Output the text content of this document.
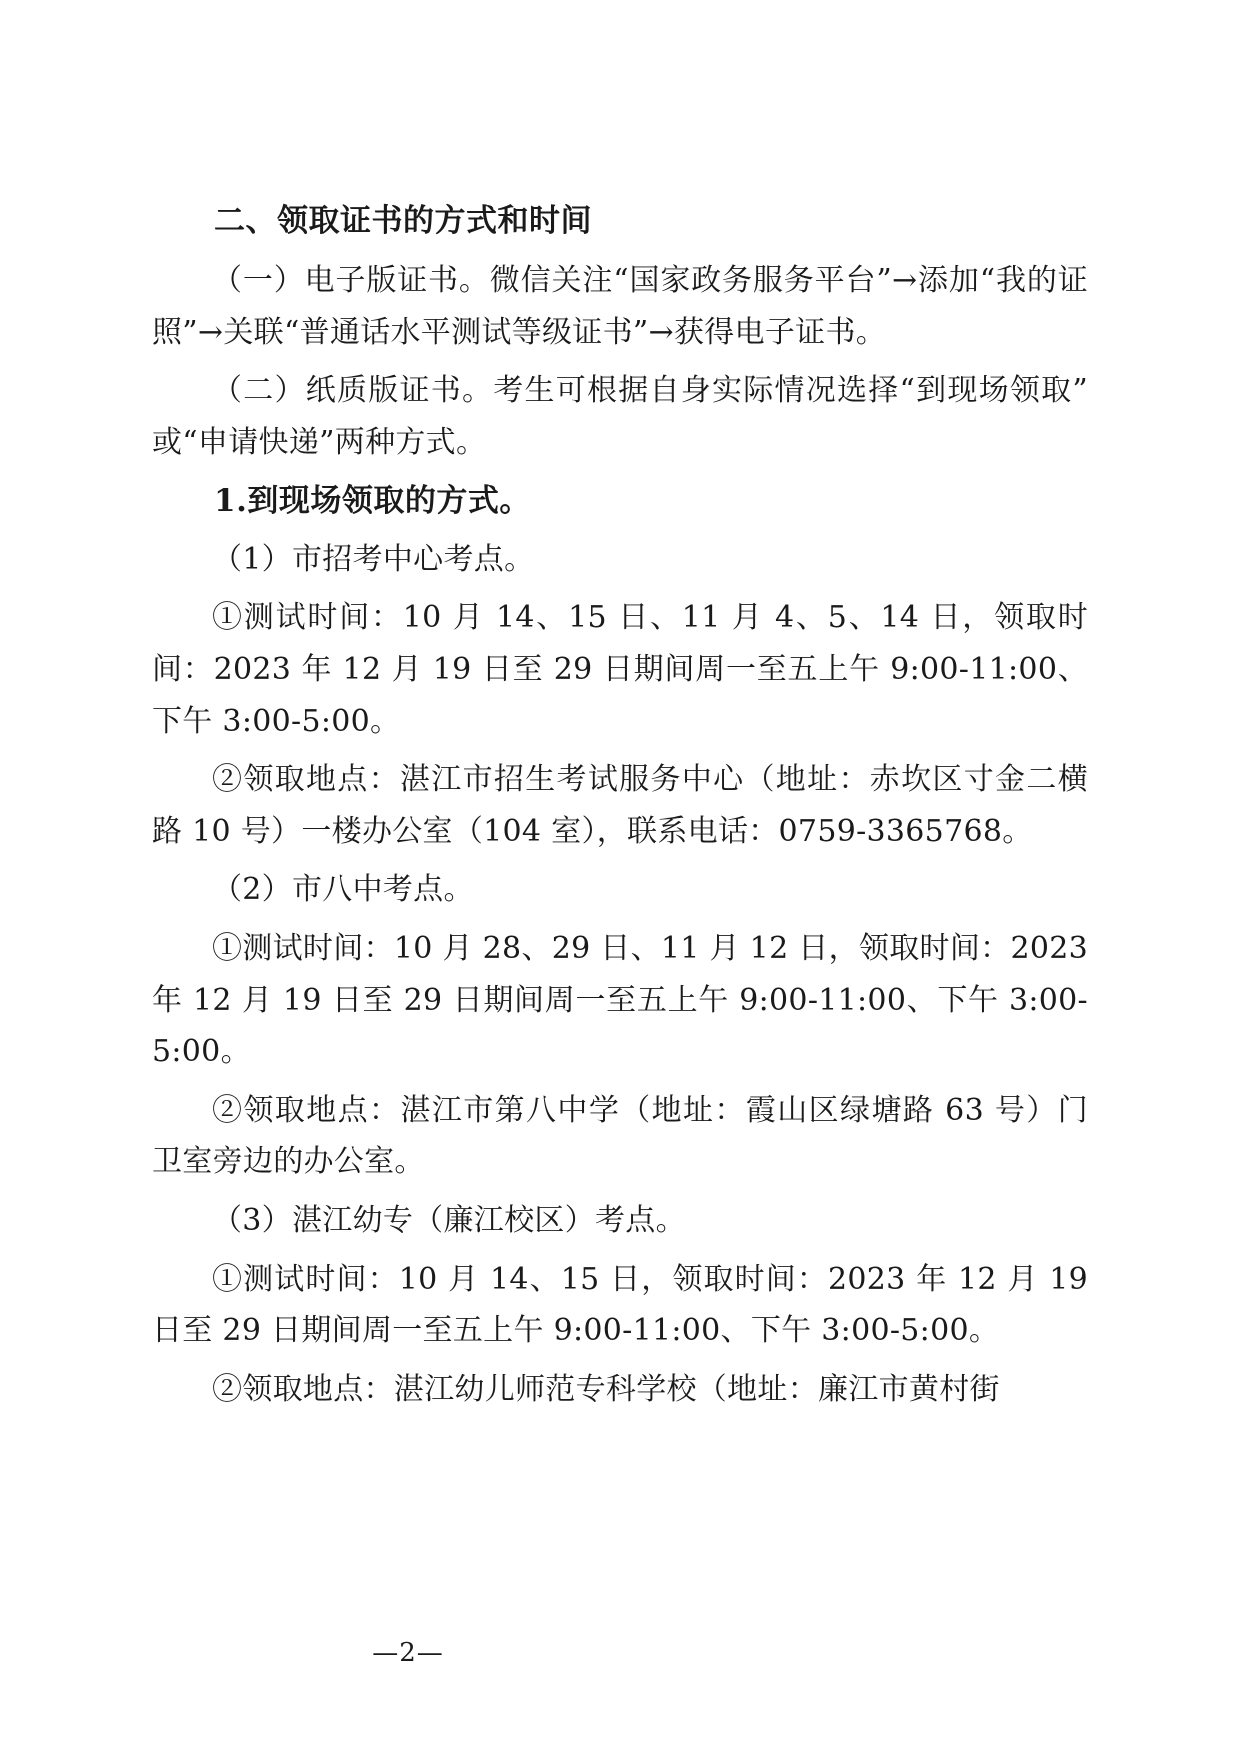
二、领取证书的方式和时间
（一）电子版证书。微信关注“国家政务服务平台”→添加“我的证照”→关联“普通话水平测试等级证书”→获得电子证书。
（二）纸质版证书。考生可根据自身实际情况选择“到现场领取”或“申请快递”两种方式。
1.到现场领取的方式。
（1）市招考中心考点。
①测试时间：10 月 14、15 日、11 月 4、5、14 日，领取时间：2023 年 12 月 19 日至 29 日期间周一至五上午 9:00-11:00、下午 3:00-5:00。
②领取地点：湛江市招生考试服务中心（地址：赤坎区寸金二横路 10 号）一楼办公室（104 室），联系电话：0759-3365768。
（2）市八中考点。
①测试时间：10 月 28、29 日、11 月 12 日，领取时间：2023 年 12 月 19 日至 29 日期间周一至五上午 9:00-11:00、下午 3:00-5:00。
②领取地点：湛江市第八中学（地址：霞山区绿塘路 63 号）门卫室旁边的办公室。
（3）湛江幼专（廉江校区）考点。
①测试时间：10 月 14、15 日，领取时间：2023 年 12 月 19 日至 29 日期间周一至五上午 9:00-11:00、下午 3:00-5:00。
②领取地点：湛江幼儿师范专科学校（地址：廉江市黄村街
—2—
